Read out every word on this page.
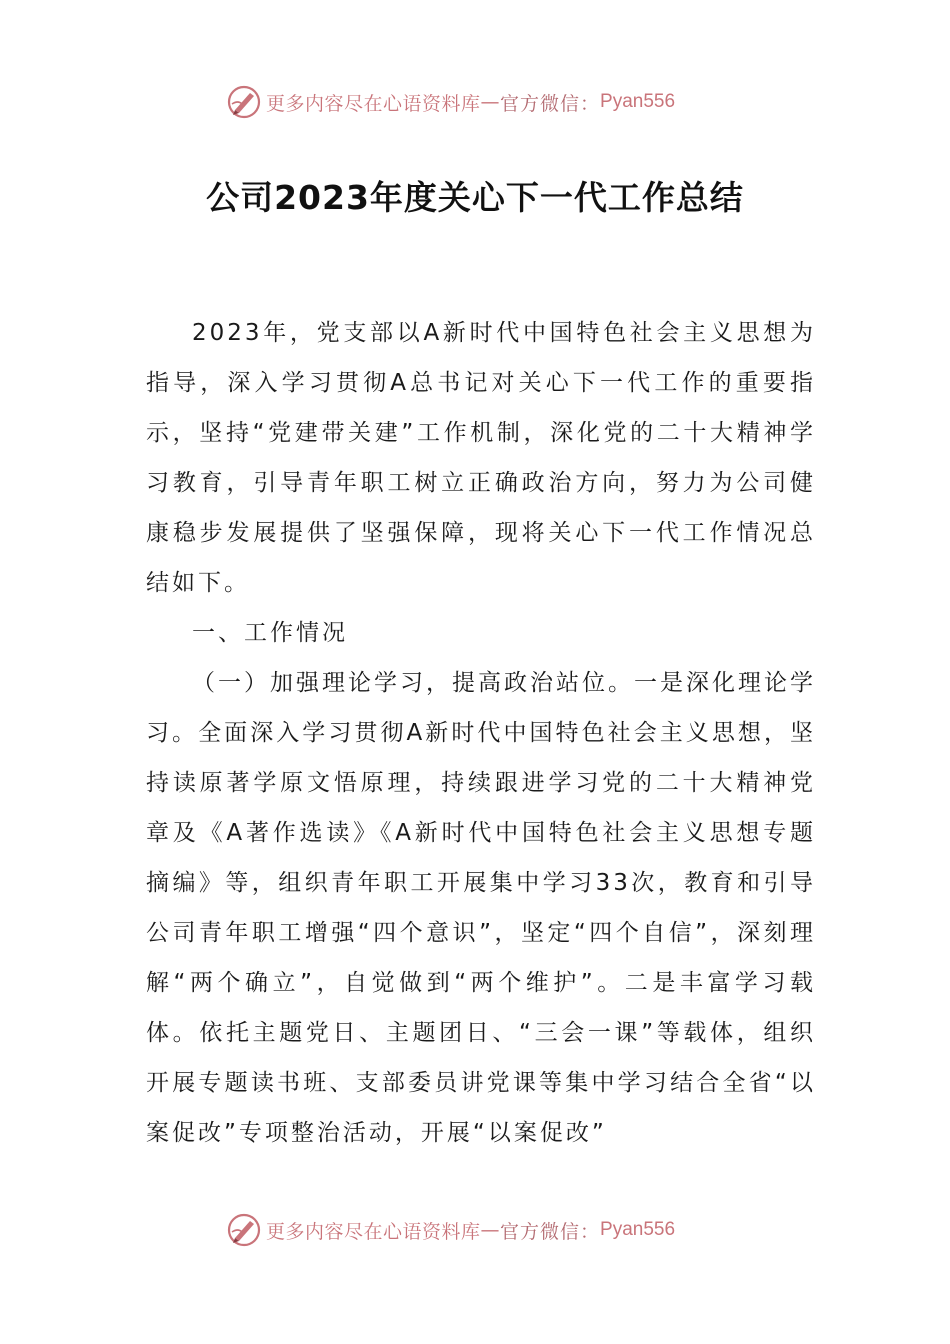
更多内容尽在心语资料库 — 官方微信： Pyan556
公司2023年度关心下一代工作总结

2023年，党支部以A新时代中国特色社会主义思想为指导，深入学习贯彻A总书记对关心下一代工作的重要指示，坚持“党建带关建”工作机制，深化党的二十大精神学习教育，引导青年职工树立正确政治方向，努力为公司健康稳步发展提供了坚强保障，现将关心下一代工作情况总结如下。

一、工作情况

（一）加强理论学习，提高政治站位。一是深化理论学习。全面深入学习贯彻A新时代中国特色社会主义思想，坚持读原著学原文悟原理，持续跟进学习党的二十大精神党章及《A著作选读》《A新时代中国特色社会主义思想专题摘编》等，组织青年职工开展集中学习33次，教育和引导公司青年职工增强“四个意识”，坚定“四个自信”，深刻理解“两个确立”，自觉做到“两个维护”。二是丰富学习载体。依托主题党日、主题团日、“三会一课”等载体，组织开展专题读书班、支部委员讲党课等集中学习结合全省“以案促改”专项整治活动，开展“以案促改”

更多内容尽在心语资料库 — 官方微信： Pyan556
